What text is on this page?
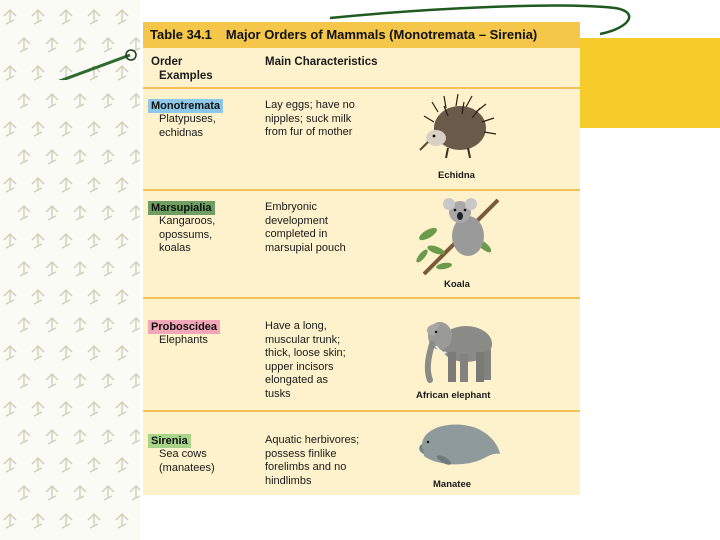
Table 34.1 Major Orders of Mammals (Monotremata – Sirenia)
Order
Examples
Main Characteristics
Monotremata
Platypuses,
echidnas
Lay eggs; have no
nipples; suck milk
from fur of mother
Echidna
Marsupialia
Kangaroos,
opossums,
koalas
Embryonic
development
completed in
marsupial pouch
Koala
Proboscidea
Elephants
Have a long,
muscular trunk;
thick, loose skin;
upper incisors
elongated as
tusks	African elephant
Sirenia
Sea cows
(manatees)
Aquatic herbivores;
possess finlike
forelimbs and no
hindlimbs	Manatee
